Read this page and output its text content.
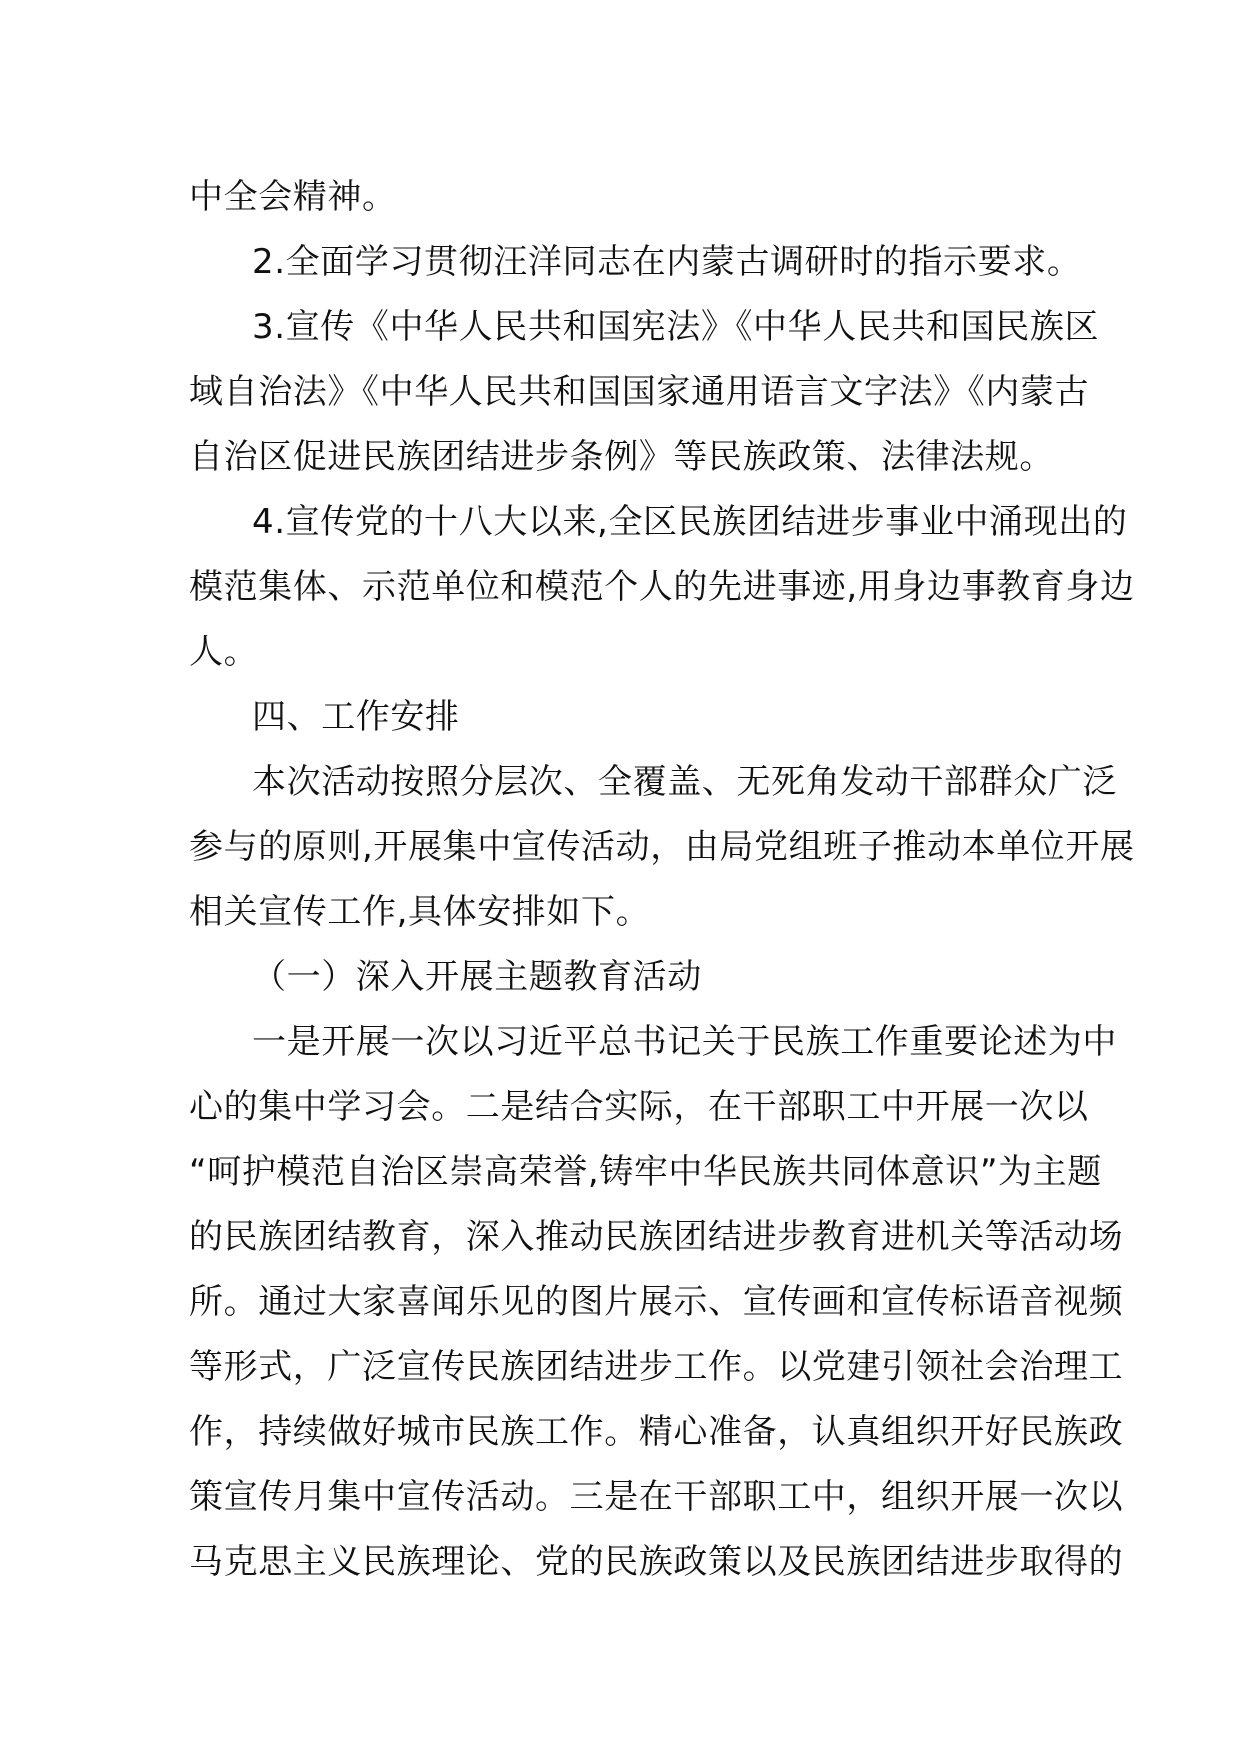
中全会精神。
2.全面学习贯彻汪洋同志在内蒙古调研时的指示要求。
3.宣传《中华人民共和国宪法》《中华人民共和国民族区
域自治法》《中华人民共和国国家通用语言文字法》《内蒙古
自治区促进民族团结进步条例》等民族政策、法律法规。
4.宣传党的十八大以来,全区民族团结进步事业中涌现出的
模范集体、示范单位和模范个人的先进事迹,用身边事教育身边
人。
四、工作安排
本次活动按照分层次、全覆盖、无死角发动干部群众广泛
参与的原则,开展集中宣传活动，由局党组班子推动本单位开展
相关宣传工作,具体安排如下。
（一）深入开展主题教育活动
一是开展一次以习近平总书记关于民族工作重要论述为中
心的集中学习会。二是结合实际，在干部职工中开展一次以
“呵护模范自治区崇高荣誉,铸牢中华民族共同体意识”为主题
的民族团结教育，深入推动民族团结进步教育进机关等活动场
所。通过大家喜闻乐见的图片展示、宣传画和宣传标语音视频
等形式，广泛宣传民族团结进步工作。以党建引领社会治理工
作，持续做好城市民族工作。精心准备，认真组织开好民族政
策宣传月集中宣传活动。三是在干部职工中，组织开展一次以
马克思主义民族理论、党的民族政策以及民族团结进步取得的
